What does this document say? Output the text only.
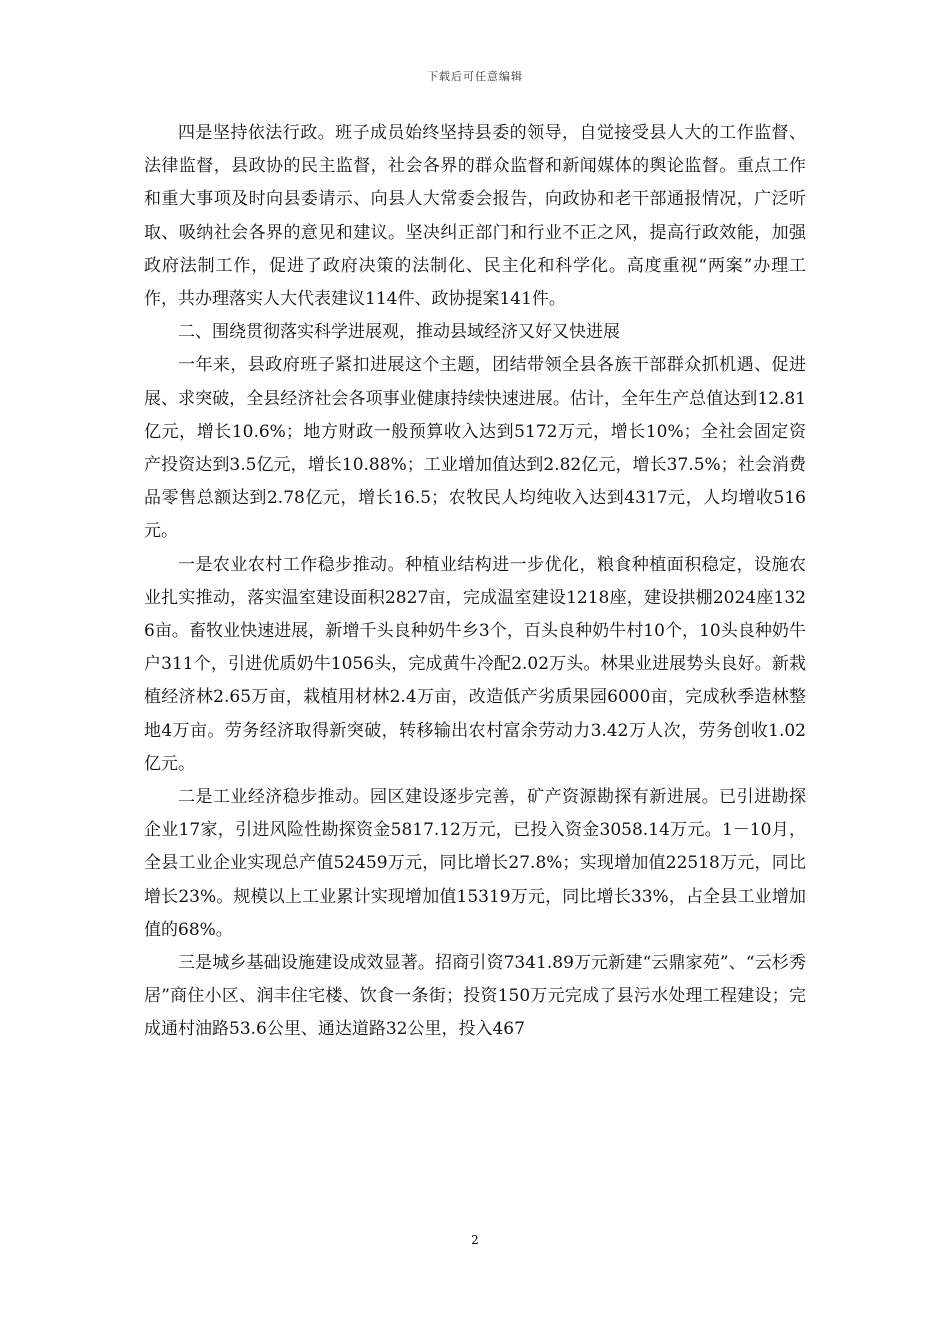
下载后可任意编辑

四是坚持依法行政。班子成员始终坚持县委的领导，自觉接受县人大的工作监督、法律监督，县政协的民主监督，社会各界的群众监督和新闻媒体的舆论监督。重点工作和重大事项及时向县委请示、向县人大常委会报告，向政协和老干部通报情况，广泛听取、吸纳社会各界的意见和建议。坚决纠正部门和行业不正之风，提高行政效能，加强政府法制工作，促进了政府决策的法制化、民主化和科学化。高度重视“两案”办理工作，共办理落实人大代表建议114件、政协提案141件。

二、围绕贯彻落实科学进展观，推动县域经济又好又快进展

一年来，县政府班子紧扣进展这个主题，团结带领全县各族干部群众抓机遇、促进展、求突破，全县经济社会各项事业健康持续快速进展。估计，全年生产总值达到12.81亿元，增长10.6%；地方财政一般预算收入达到5172万元，增长10%；全社会固定资产投资达到3.5亿元，增长10.88%；工业增加值达到2.82亿元，增长37.5%；社会消费品零售总额达到2.78亿元，增长16.5；农牧民人均纯收入达到4317元，人均增收516元。

一是农业农村工作稳步推动。种植业结构进一步优化，粮食种植面积稳定，设施农业扎实推动，落实温室建设面积2827亩，完成温室建设1218座，建设拱棚2024座1326亩。畜牧业快速进展，新增千头良种奶牛乡3个，百头良种奶牛村10个，10头良种奶牛户311个，引进优质奶牛1056头，完成黄牛冷配2.02万头。林果业进展势头良好。新栽植经济林2.65万亩，栽植用材林2.4万亩，改造低产劣质果园6000亩，完成秋季造林整地4万亩。劳务经济取得新突破，转移输出农村富余劳动力3.42万人次，劳务创收1.02亿元。

二是工业经济稳步推动。园区建设逐步完善，矿产资源勘探有新进展。已引进勘探企业17家，引进风险性勘探资金5817.12万元，已投入资金3058.14万元。1－10月，全县工业企业实现总产值52459万元，同比增长27.8%；实现增加值22518万元，同比增长23%。规模以上工业累计实现增加值15319万元，同比增长33%，占全县工业增加值的68%。

三是城乡基础设施建设成效显著。招商引资7341.89万元新建“云鼎家苑”、“云杉秀居”商住小区、润丰住宅楼、饮食一条街；投资150万元完成了县污水处理工程建设；完成通村油路53.6公里、通达道路32公里，投入467

2
